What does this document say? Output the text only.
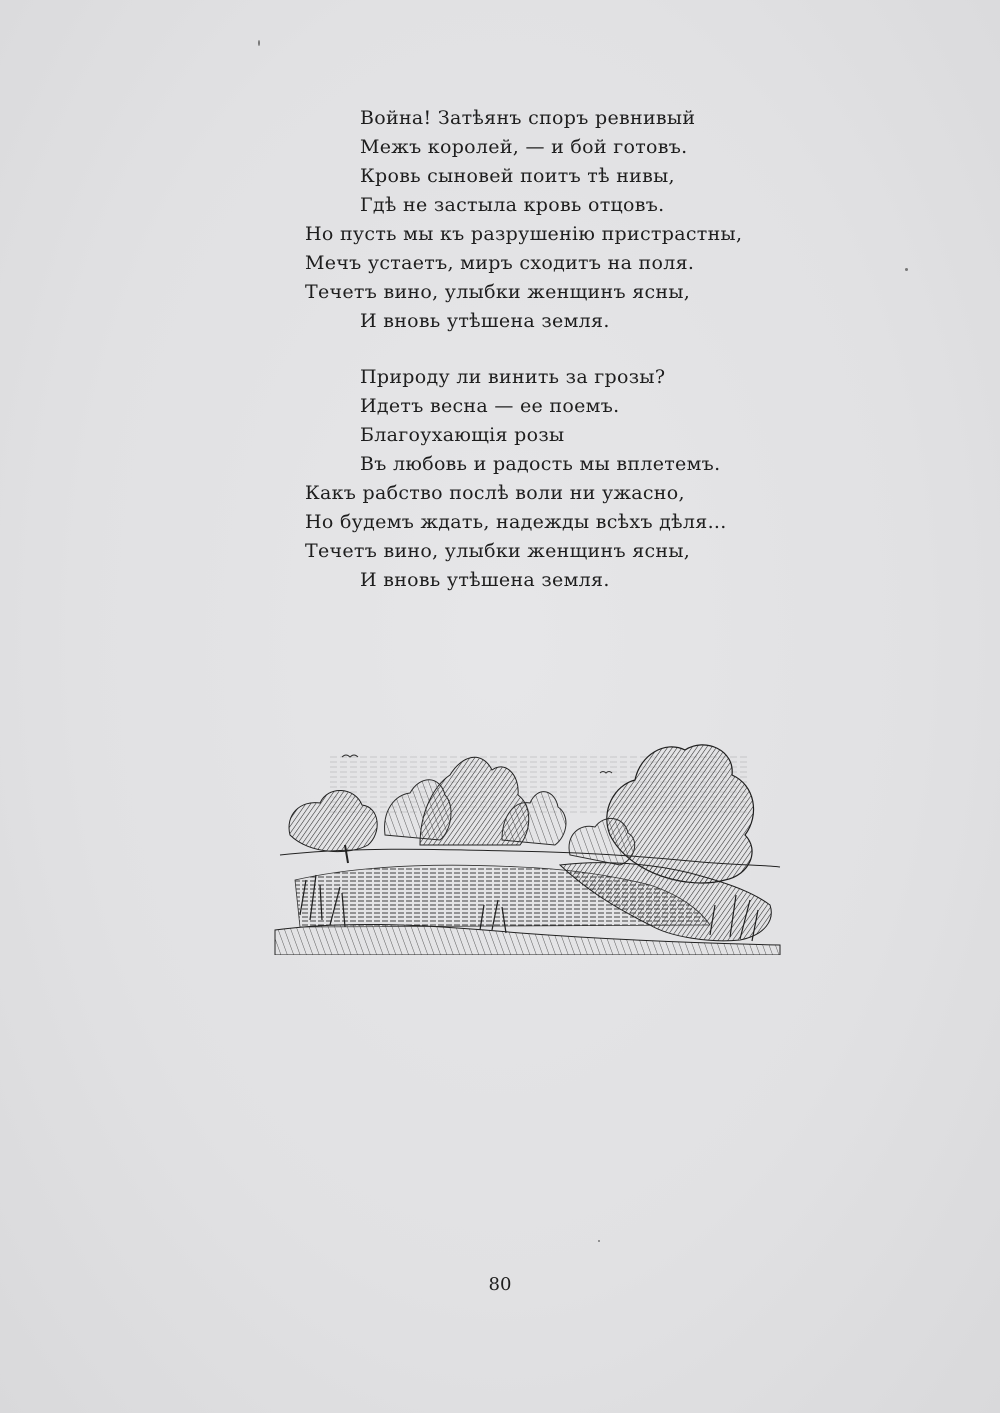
Война! Затѣянъ споръ ревнивый
Межъ королей, — и бой готовъ.
Кровь сыновей поитъ тѣ нивы,
Гдѣ не застыла кровь отцовъ.
Но пусть мы къ разрушенію пристрастны,
Мечъ устаетъ, миръ сходитъ на поля.
Течетъ вино, улыбки женщинъ ясны,
И вновь утѣшена земля.
Природу ли винить за грозы?
Идетъ весна — ее поемъ.
Благоухающія розы
Въ любовь и радость мы вплетемъ.
Какъ рабство послѣ воли ни ужасно,
Но будемъ ждать, надежды всѣхъ дѣля...
Течетъ вино, улыбки женщинъ ясны,
И вновь утѣшена земля.
80
